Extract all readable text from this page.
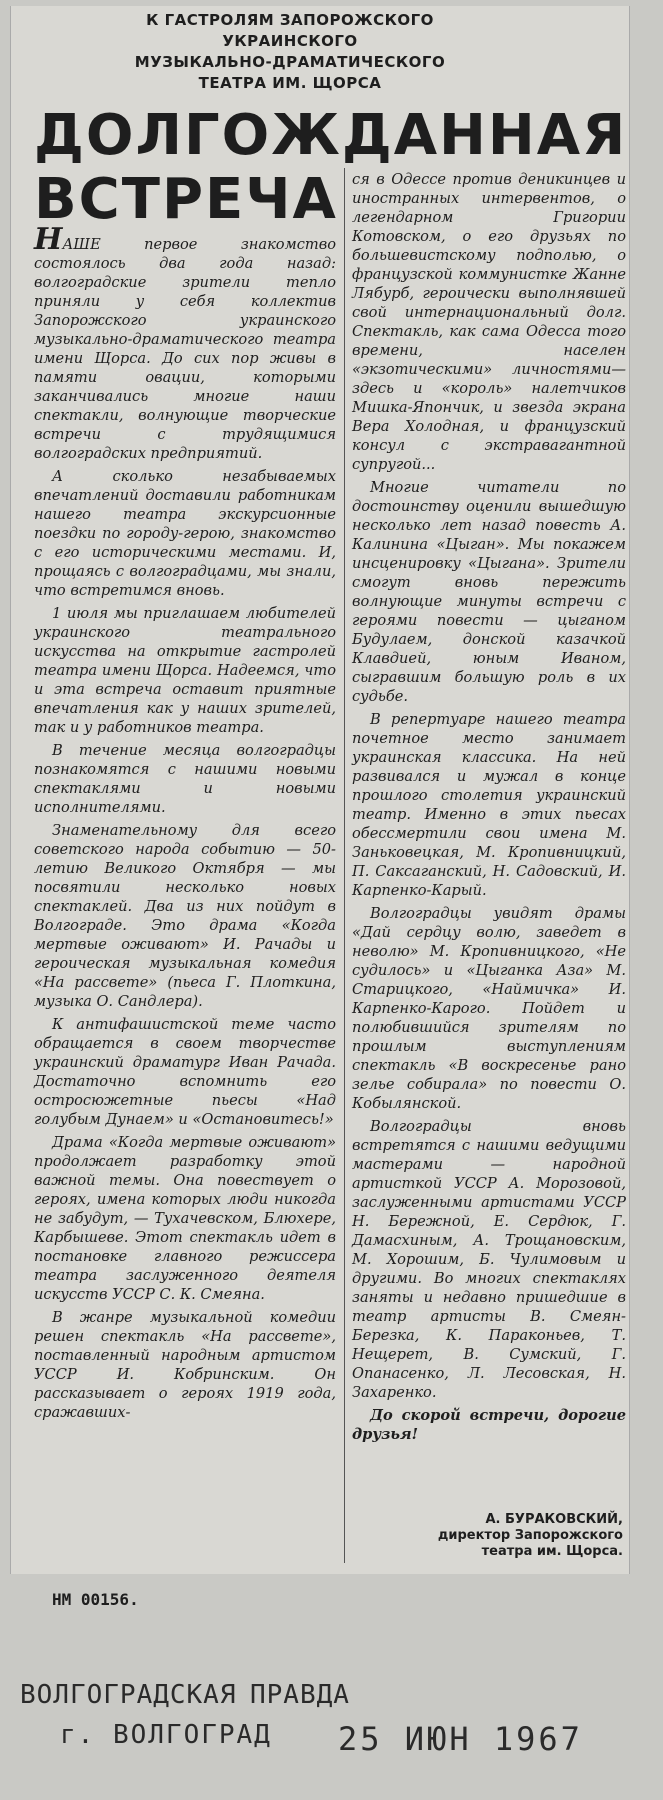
К ГАСТРОЛЯМ ЗАПОРОЖСКОГО УКРАИНСКОГО
МУЗЫКАЛЬНО-ДРАМАТИЧЕСКОГО
ТЕАТРА ИМ. ЩОРСА
ДОЛГОЖДАННАЯ
ВСТРЕЧА

НАШЕ первое знакомство состоялось два года назад: волгоградские зрители тепло приняли у себя коллектив Запорожского украинского музыкально-драматического театра имени Щорса. До сих пор живы в памяти овации, которыми заканчивались многие наши спектакли, волнующие творческие встречи с трудящимися волгоградских предприятий.

А сколько незабываемых впечатлений доставили работникам нашего театра экскурсионные поездки по городу-герою, знакомство с его историческими местами. И, прощаясь с волгоградцами, мы знали, что встретимся вновь.

1 июля мы приглашаем любителей украинского театрального искусства на открытие гастролей театра имени Щорса. Надеемся, что и эта встреча оставит приятные впечатления как у наших зрителей, так и у работников театра.

В течение месяца волгоградцы познакомятся с нашими новыми спектаклями и новыми исполнителями.

Знаменательному для всего советского народа событию — 50-летию Великого Октября — мы посвятили несколько новых спектаклей. Два из них пойдут в Волгограде. Это драма «Когда мертвые оживают» И. Рачады и героическая музыкальная комедия «На рассвете» (пьеса Г. Плоткина, музыка О. Сандлера).

К антифашистской теме часто обращается в своем творчестве украинский драматург Иван Рачада. Достаточно вспомнить его остросюжетные пьесы «Над голубым Дунаем» и «Остановитесь!»

Драма «Когда мертвые оживают» продолжает разработку этой важной темы. Она повествует о героях, имена которых люди никогда не забудут, — Тухачевском, Блюхере, Карбышеве. Этот спектакль идет в постановке главного режиссера театра заслуженного деятеля искусств УССР С. К. Смеяна.

В жанре музыкальной комедии решен спектакль «На рассвете», поставленный народным артистом УССР И. Кобринским. Он рассказывает о героях 1919 года, сражавших-

ся в Одессе против деникинцев и иностранных интервентов, о легендарном Григории Котовском, о его друзьях по большевистскому подполью, о французской коммунистке Жанне Лябурб, героически выполнявшей свой интернациональный долг. Спектакль, как сама Одесса того времени, населен «экзотическими» личностями— здесь и «король» налетчиков Мишка-Япончик, и звезда экрана Вера Холодная, и французский консул с экстравагантной супругой...

Многие читатели по достоинству оценили вышедшую несколько лет назад повесть А. Калинина «Цыган». Мы покажем инсценировку «Цыгана». Зрители смогут вновь пережить волнующие минуты встречи с героями повести — цыганом Будулаем, донской казачкой Клавдией, юным Иваном, сыгравшим большую роль в их судьбе.

В репертуаре нашего театра почетное место занимает украинская классика. На ней развивался и мужал в конце прошлого столетия украинский театр. Именно в этих пьесах обессмертили свои имена М. Заньковецкая, М. Кропивницкий, П. Саксаганский, Н. Садовский, И. Карпенко-Карый.

Волгоградцы увидят драмы «Дай сердцу волю, заведет в неволю» М. Кропивницкого, «Не судилось» и «Цыганка Аза» М. Старицкого, «Наймичка» И. Карпенко-Карого. Пойдет и полюбившийся зрителям по прошлым выступлениям спектакль «В воскресенье рано зелье собирала» по повести О. Кобылянской.

Волгоградцы вновь встретятся с нашими ведущими мастерами — народной артисткой УССР А. Морозовой, заслуженными артистами УССР Н. Бережной, Е. Сердюк, Г. Дамасхиным, А. Трощановским, М. Хорошим, Б. Чулимовым и другими. Во многих спектаклях заняты и недавно пришедшие в театр артисты В. Смеян-Березка, К. Параконьев, Т. Нещерет, В. Сумский, Г. Опанасенко, Л. Лесовская, Н. Захаренко.

До скорой встречи, дорогие друзья!

А. БУРАКОВСКИЙ,
директор Запорожского
театра им. Щорса.
НМ 00156.
ВОЛГОГРАДСКАЯ ПРАВДА
г. ВОЛГОГРАД 25 ИЮН 1967
